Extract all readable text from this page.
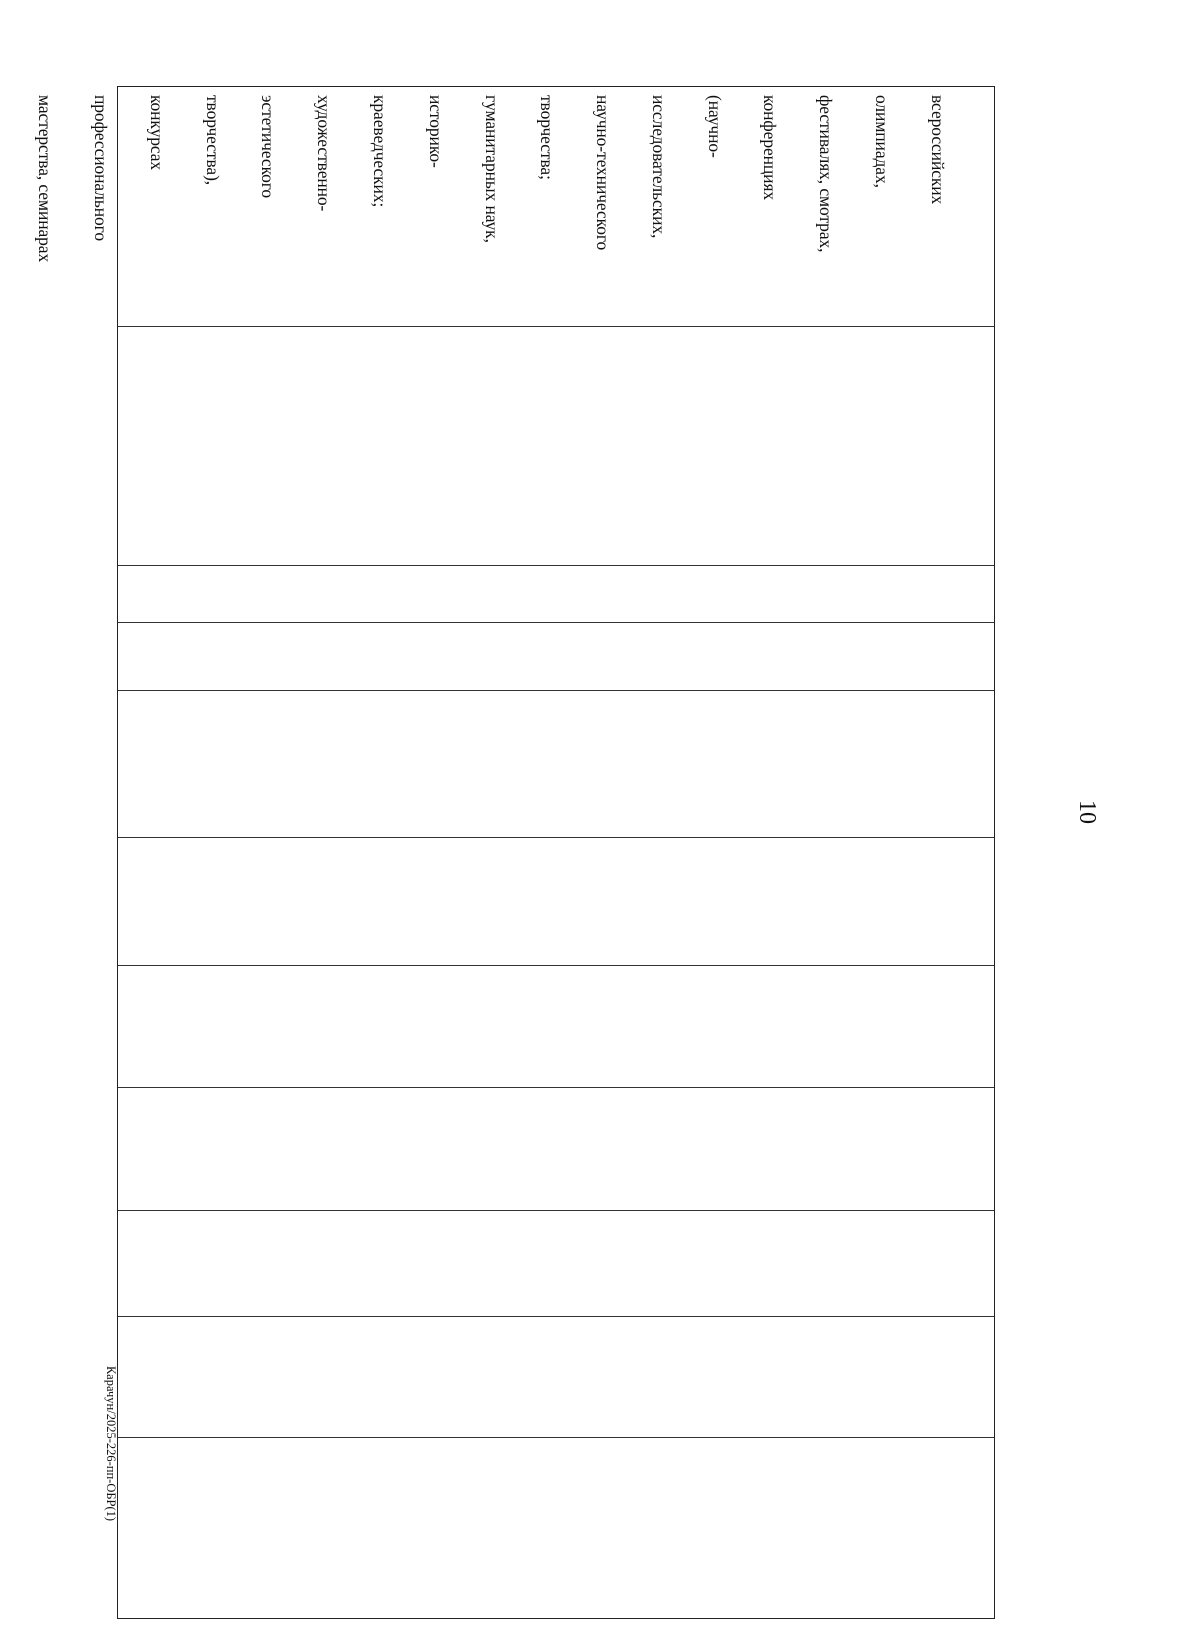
10

всероссийских

олимпиадах,

фестивалях, смотрах,

конференциях

(научно-

исследовательских,

научно-технического

творчества;

гуманитарных наук,

историко-

краеведческих;

художественно-

эстетического

творчества),

конкурсах

профессионального

мастерства, семинарах

Карачун/2025-226-пп-ОБР(1)
